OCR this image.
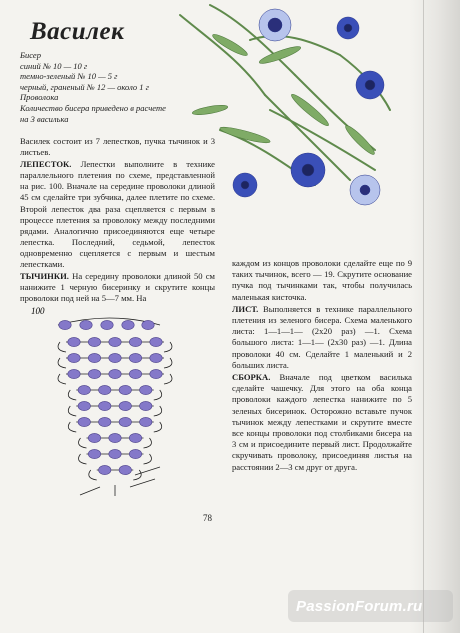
Василек
Бисер
синий № 10 — 10 г
темно-зеленый № 10 — 5 г
черный, граненый № 12 — около 1 г
Проволока
Количество бисера приведено в расчете
на 3 василька

Василек состоит из 7 лепестков, пучка тычинок и 3 листьев.

ЛЕПЕСТОК. Лепестки выполните в технике параллельного плетения по схеме, представленной на рис. 100. Вначале на середине проволоки длиной 45 см сделайте три зубчика, далее плетите по схеме. Второй лепесток два раза сцепляется с первым в процессе плетения за проволоку между последними рядами. Аналогично присоединяются еще четыре лепестка. Последний, седьмой, лепесток одновременно сцепляется с первым и шестым лепестками.

ТЫЧИНКИ. На середину проволоки длиной 50 см нанижите 1 черную бисеринку и скрутите концы проволоки под ней на 5—7 мм. На

каждом из концов проволоки сделайте еще по 9 таких тычинок, всего — 19. Скрутите основание пучка под тычинками так, чтобы получилась маленькая кисточка.

ЛИСТ. Выполняется в технике параллельного плетения из зеленого бисера. Схема маленького листа: 1—1—1— (2х20 раз) —1. Схема большого листа: 1—1— (2х30 раз) —1. Длина проволоки 40 см. Сделайте 1 маленький и 2 больших листа.

СБОРКА. Вначале под цветком василька сделайте чашечку. Для этого на оба конца проволоки каждого лепестка нанижите по 5 зеленых бисеринок. Осторожно вставьте пучок тычинок между лепестками и скрутите вместе все концы проволоки под столбиками бисера на 3 см и присоедините первый лист. Продолжайте скручивать проволоку, присоединяя листья на расстоянии 2—3 см друг от друга.

100
78
PassionForum.ru
